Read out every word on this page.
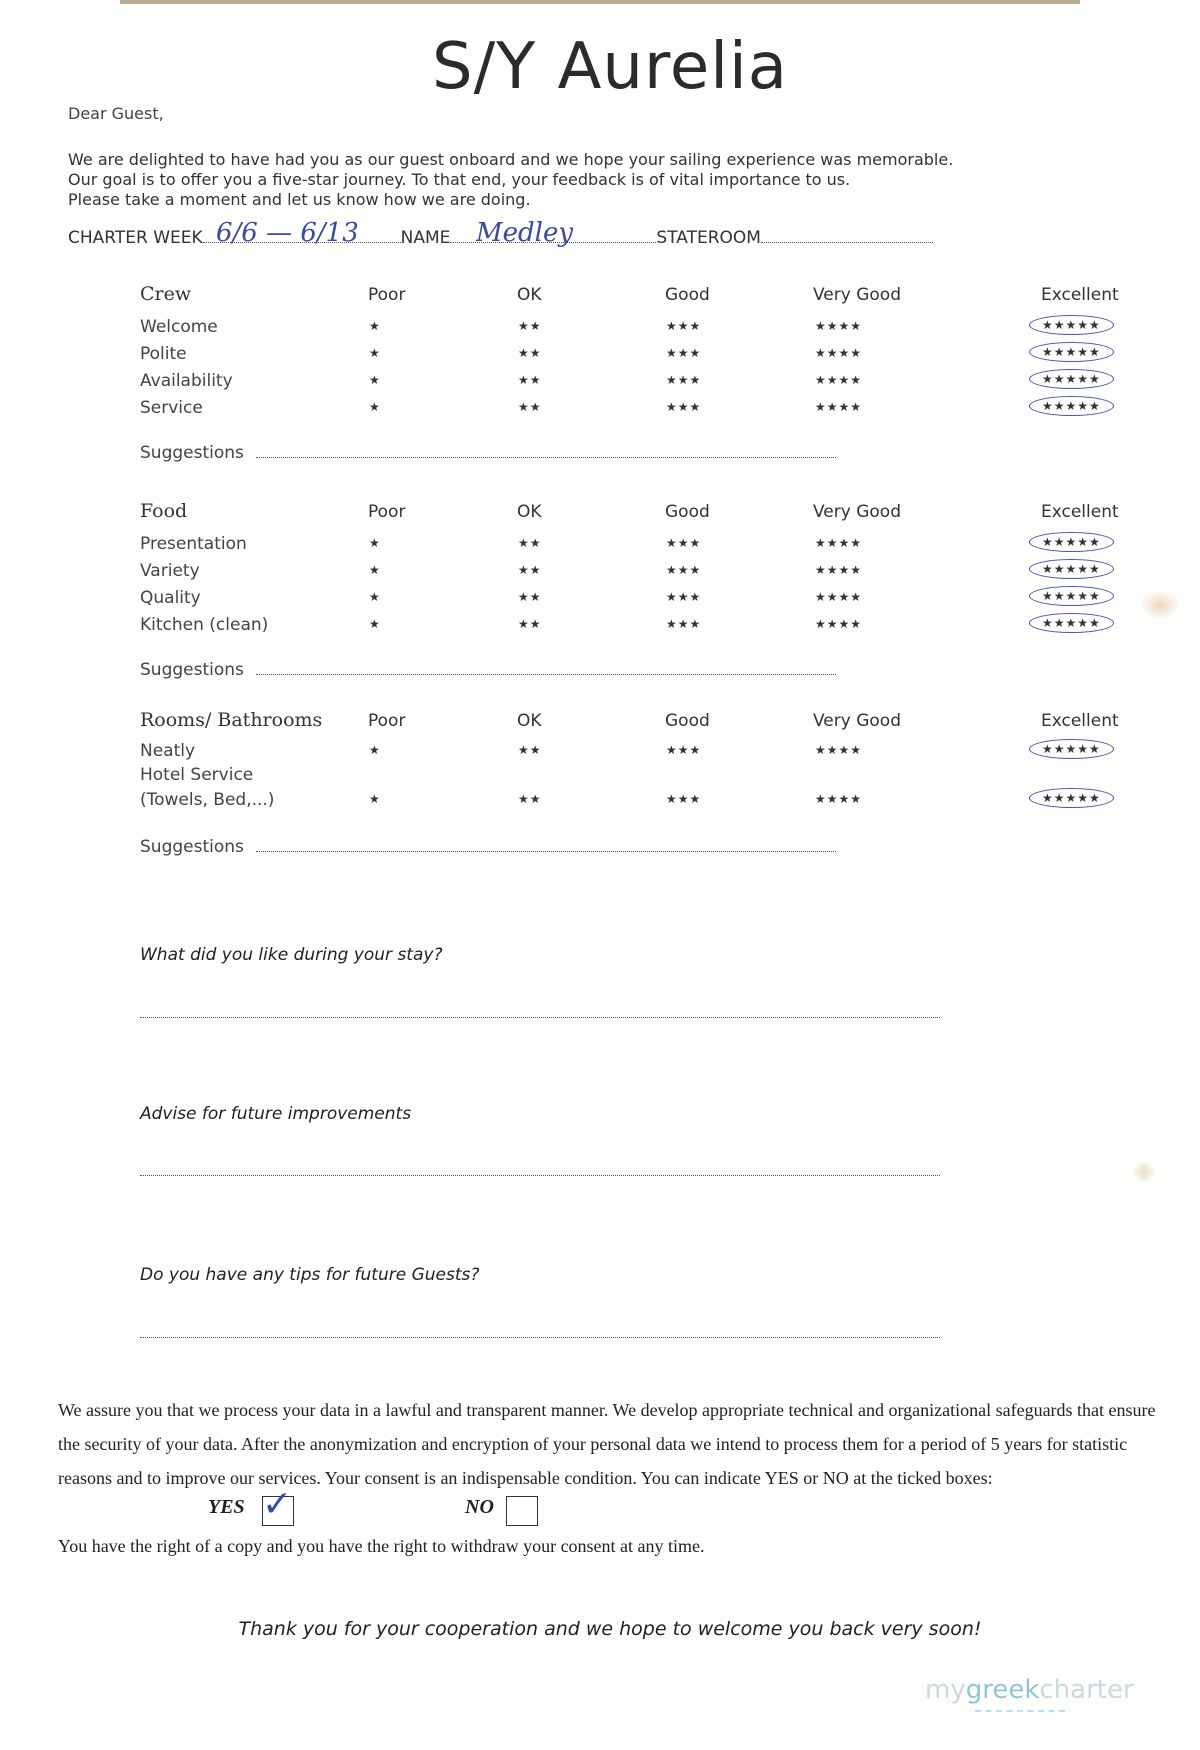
S/Y Aurelia
Dear Guest,
We are delighted to have had you as our guest onboard and we hope your sailing experience was memorable.
Our goal is to offer you a five-star journey. To that end, your feedback is of vital importance to us.
Please take a moment and let us know how we are doing.
CHARTER WEEK	NAME	STATEROOM
6/6 — 6/13	Medley
Crew	Poor	OK	Good	Very Good	Excellent
Welcome	★	★★	★★★	★★★★	★★★★★
Polite	★	★★	★★★	★★★★	★★★★★
Availability	★	★★	★★★	★★★★	★★★★★
Service	★	★★	★★★	★★★★	★★★★★
Suggestions
Food	Poor	OK	Good	Very Good	Excellent
Presentation	★	★★	★★★	★★★★	★★★★★
Variety	★	★★	★★★	★★★★	★★★★★
Quality	★	★★	★★★	★★★★	★★★★★
Kitchen (clean)	★	★★	★★★	★★★★	★★★★★
Suggestions
Rooms/ Bathrooms	Poor	OK	Good	Very Good	Excellent
Neatly	★	★★	★★★	★★★★	★★★★★
Hotel Service
(Towels, Bed,...)	★	★★	★★★	★★★★	★★★★★
Suggestions
What did you like during your stay?
Advise for future improvements
Do you have any tips for future Guests?
We assure you that we process your data in a lawful and transparent manner. We develop appropriate technical and organizational safeguards that ensure the security of your data. After the anonymization and encryption of your personal data we intend to process them for a period of 5 years for statistic reasons and to improve our services. Your consent is an indispensable condition. You can indicate YES or NO at the ticked boxes:
YES ✓	NO
You have the right of a copy and you have the right to withdraw your consent at any time.
Thank you for your cooperation and we hope to welcome you back very soon!
mygreekcharter
